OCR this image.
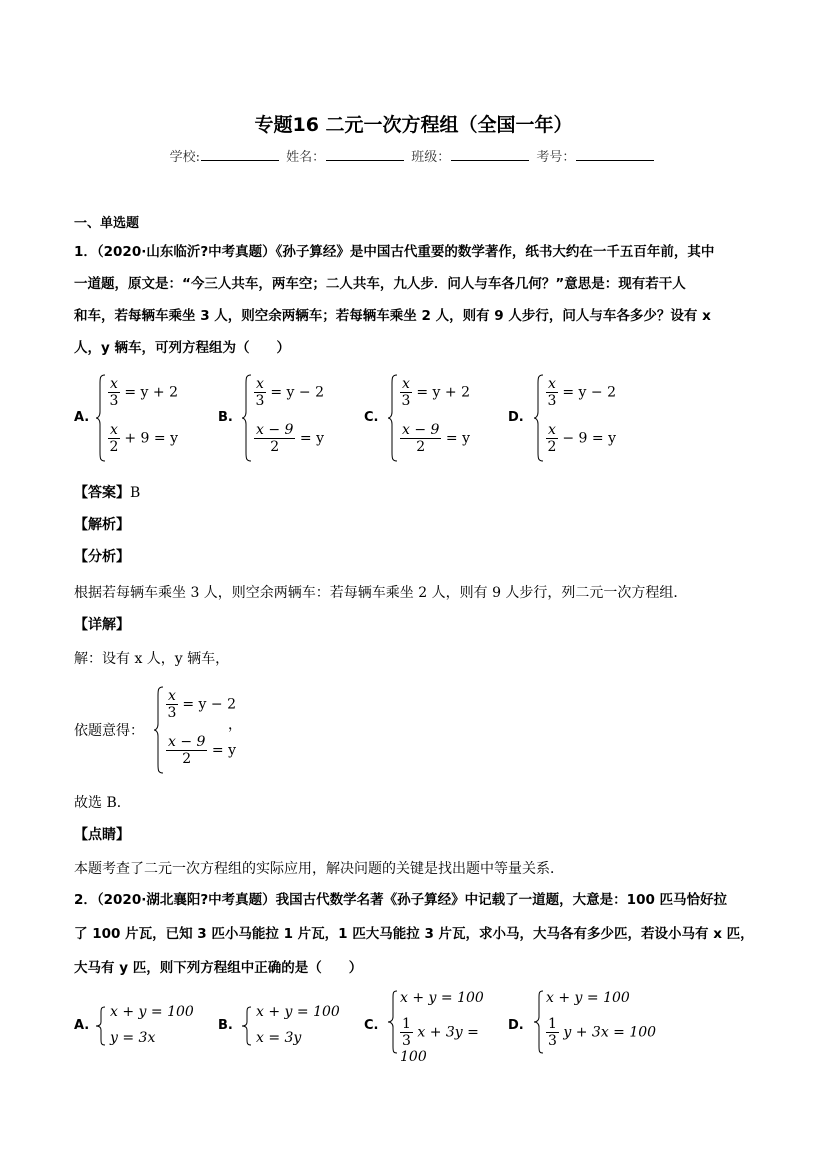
专题16 二元一次方程组（全国一年）
学校:	姓名：	班级：	考号：
一、单选题
1．（2020·山东临沂?中考真题）《孙子算经》是中国古代重要的数学著作，纸书大约在一千五百年前，其中
一道题，原文是：“今三人共车，两车空；二人共车，九人步．问人与车各几何？”意思是：现有若干人
和车，若每辆车乘坐 3 人，则空余两辆车；若每辆车乘坐 2 人，则有 9 人步行，问人与车各多少？设有 x
人，y 辆车，可列方程组为（　　）
A.
$\frac{x}{3} = y + 2$
$\frac{x}{2} + 9 = y$
B.
$\frac{x}{3} = y - 2$
$\frac{x - 9}{2} = y$
C.
$\frac{x}{3} = y + 2$
$\frac{x - 9}{2} = y$
D.
$\frac{x}{3} = y - 2$
$\frac{x}{2} - 9 = y$
【答案】B
【解析】
【分析】
根据若每辆车乘坐 3 人，则空余两辆车：若每辆车乘坐 2 人，则有 9 人步行，列二元一次方程组．
【详解】
解：设有 x 人，y 辆车，
依题意得：
$\frac{x}{3} = y - 2$
$\frac{x - 9}{2} = y$
，
故选 B．
【点睛】
本题考查了二元一次方程组的实际应用，解决问题的关键是找出题中等量关系．
2．（2020·湖北襄阳?中考真题）我国古代数学名著《孙子算经》中记载了一道题，大意是：100 匹马恰好拉
了 100 片瓦，已知 3 匹小马能拉 1 片瓦，1 匹大马能拉 3 片瓦，求小马，大马各有多少匹，若设小马有 x 匹，
大马有 y 匹，则下列方程组中正确的是（　　）
A.
x + y = 100
y = 3x
B.
x + y = 100
x = 3y
C.
x + y = 100
$\frac{1}{3}$ x + 3y = 100
D.
x + y = 100
$\frac{1}{3}$ y + 3x = 100
